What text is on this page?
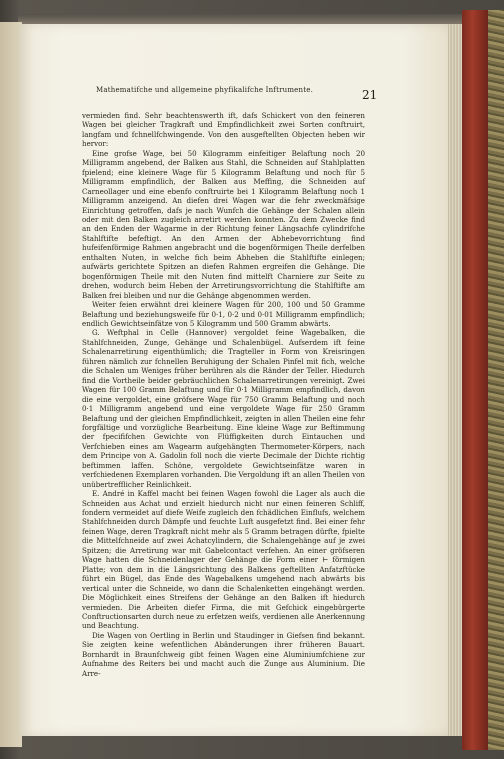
Mathematifche und allgemeine phyfikalifche Inftrumente.	21

vermieden find. Sehr beachtenswerth ift, dafs Schickert von den feineren Wagen bei gleicher Tragkraft und Empfindlichkeit zwei Sorten conftruirt, langfam und fchnellfchwingende. Von den ausgeftellten Objecten heben wir hervor:

Eine grofse Wage, bei 50 Kilogramm einfeitiger Belaftung noch 20 Milligramm angebend, der Balken aus Stahl, die Schneiden auf Stahlplatten fpielend; eine kleinere Wage für 5 Kilogramm Belaftung und noch für 5 Milligramm empfindlich, der Balken aus Meffing, die Schneiden auf Carneollager und eine ebenfo conftruirte bei 1 Kilogramm Belaftung noch 1 Milligramm anzeigend. An diefen drei Wagen war die fehr zweckmäfsige Einrichtung getroffen, dafs je nach Wunfch die Gehänge der Schalen allein oder mit den Balken zugleich arretirt werden konnten. Zu dem Zwecke find an den Enden der Wagarme in der Richtung feiner Längsachfe cylindrifche Stahlftifte befeftigt. An den Armen der Abhebevorrichtung find hufeifenförmige Rahmen angebracht und die bogenförmigen Theile derfelben enthalten Nuten, in welche fich beim Abheben die Stahlftifte einlegen; aufwärts gerichtete Spitzen an diefen Rahmen ergreifen die Gehänge. Die bogenförmigen Theile mit den Nuten find mittelft Charniere zur Seite zu drehen, wodurch beim Heben der Arretirungsvorrichtung die Stahlftifte am Balken frei bleiben und nur die Gehänge abgenommen werden.

Weiter feien erwähnt drei kleinere Wagen für 200, 100 und 50 Gramme Belaftung und beziehungsweife für 0·1, 0·2 und 0·01 Milligramm empfindlich; endlich Gewichtseinfätze von 5 Kilogramm und 500 Gramm abwärts.

G. Weftphal in Celle (Hannover) vergoldet feine Wagebalken, die Stahlfchneiden, Zunge, Gehänge und Schalenbügel. Aufserdem ift feine Schalenarretirung eigenthümlich; die Tragteller in Form von Kreisringen führen nämlich zur fchnellen Beruhigung der Schalen Pinfel mit fich, welche die Schalen um Weniges früher berühren als die Ränder der Teller. Hiedurch find die Vortheile beider gebräuchlichen Schalenarretirungen vereinigt. Zwei Wagen für 100 Gramm Belaftung und für 0·1 Milligramm empfindlich, davon die eine vergoldet, eine gröfsere Wage für 750 Gramm Belaftung und noch 0·1 Milligramm angebend und eine vergoldete Wage für 250 Gramm Belaftung und der gleichen Empfindlichkeit, zeigten in allen Theilen eine fehr forgfältige und vorzügliche Bearbeitung. Eine kleine Wage zur Beftimmung der fpecififchen Gewichte von Flüffigkeiten durch Eintauchen und Verfchieben eines am Wagearm aufgehängten Thermometer-Körpers, nach dem Principe von A. Gadolin foll noch die vierte Decimale der Dichte richtig beftimmen laffen. Schöne, vergoldete Gewichtseinfätze waren in verfchiedenen Exemplaren vorhanden. Die Vergoldung ift an allen Theilen von unübertrefflicher Reinlichkeit.

E. André in Kaffel macht bei feinen Wagen fowohl die Lager als auch die Schneiden aus Achat und erzielt hiedurch nicht nur einen feineren Schliff, fondern vermeidet auf diefe Weife zugleich den fchädlichen Einflufs, welchem Stahlfchneiden durch Dämpfe und feuchte Luft ausgefetzt find. Bei einer fehr feinen Wage, deren Tragkraft nicht mehr als 5 Gramm betragen dürfte, fpielte die Mittelfchneide auf zwei Achatcylindern, die Schalengehänge auf je zwei Spitzen; die Arretirung war mit Gabelcontact verfehen. An einer gröfseren Wage hatten die Schneidenlager der Gehänge die Form einer ⊢ förmigen Platte; von dem in die Längsrichtung des Balkens geftellten Anfatzftücke führt ein Bügel, das Ende des Wagebalkens umgehend nach abwärts bis vertical unter die Schneide, wo dann die Schalenketten eingehängt werden. Die Möglichkeit eines Streifens der Gehänge an den Balken ift hiedurch vermieden. Die Arbeiten diefer Firma, die mit Gefchick eingebürgerte Conftructionsarten durch neue zu erfetzen weifs, verdienen alle Anerkennung und Beachtung.

Die Wagen von Oertling in Berlin und Staudinger in Giefsen find bekannt. Sie zeigten keine wefentlichen Abänderungen ihrer früheren Bauart. Bornhardt in Braunfchweig gibt feinen Wagen eine Aluminiumfchiene zur Aufnahme des Reiters bei und macht auch die Zunge aus Aluminium. Die Arre-
